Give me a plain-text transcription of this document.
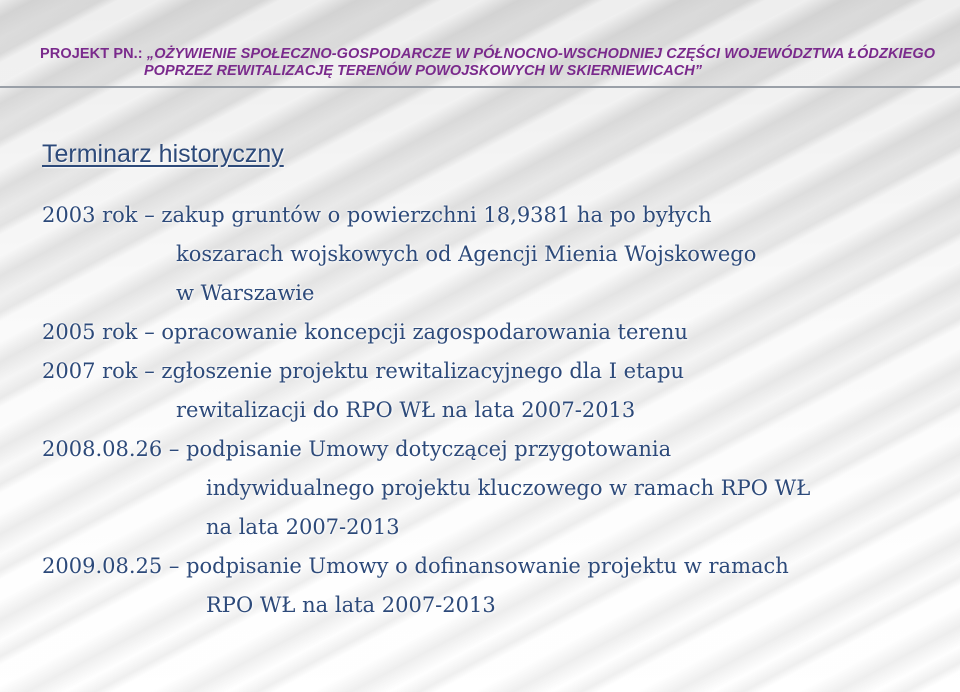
PROJEKT PN.: „OŻYWIENIE SPOŁECZNO-GOSPODARCZE W PÓŁNOCNO-WSCHODNIEJ CZĘŚCI WOJEWÓDZTWA ŁÓDZKIEGO
POPRZEZ REWITALIZACJĘ TERENÓW POWOJSKOWYCH W SKIERNIEWICACH”
Terminarz historyczny
2003 rok – zakup gruntów o powierzchni 18,9381 ha po byłych
koszarach wojskowych od Agencji Mienia Wojskowego
w Warszawie
2005 rok – opracowanie koncepcji zagospodarowania terenu
2007 rok – zgłoszenie projektu rewitalizacyjnego dla I etapu
rewitalizacji do RPO WŁ na lata 2007-2013
2008.08.26 – podpisanie Umowy dotyczącej przygotowania
indywidualnego projektu kluczowego w ramach RPO WŁ
na lata 2007-2013
2009.08.25 – podpisanie Umowy o dofinansowanie projektu w ramach
RPO WŁ na lata 2007-2013
